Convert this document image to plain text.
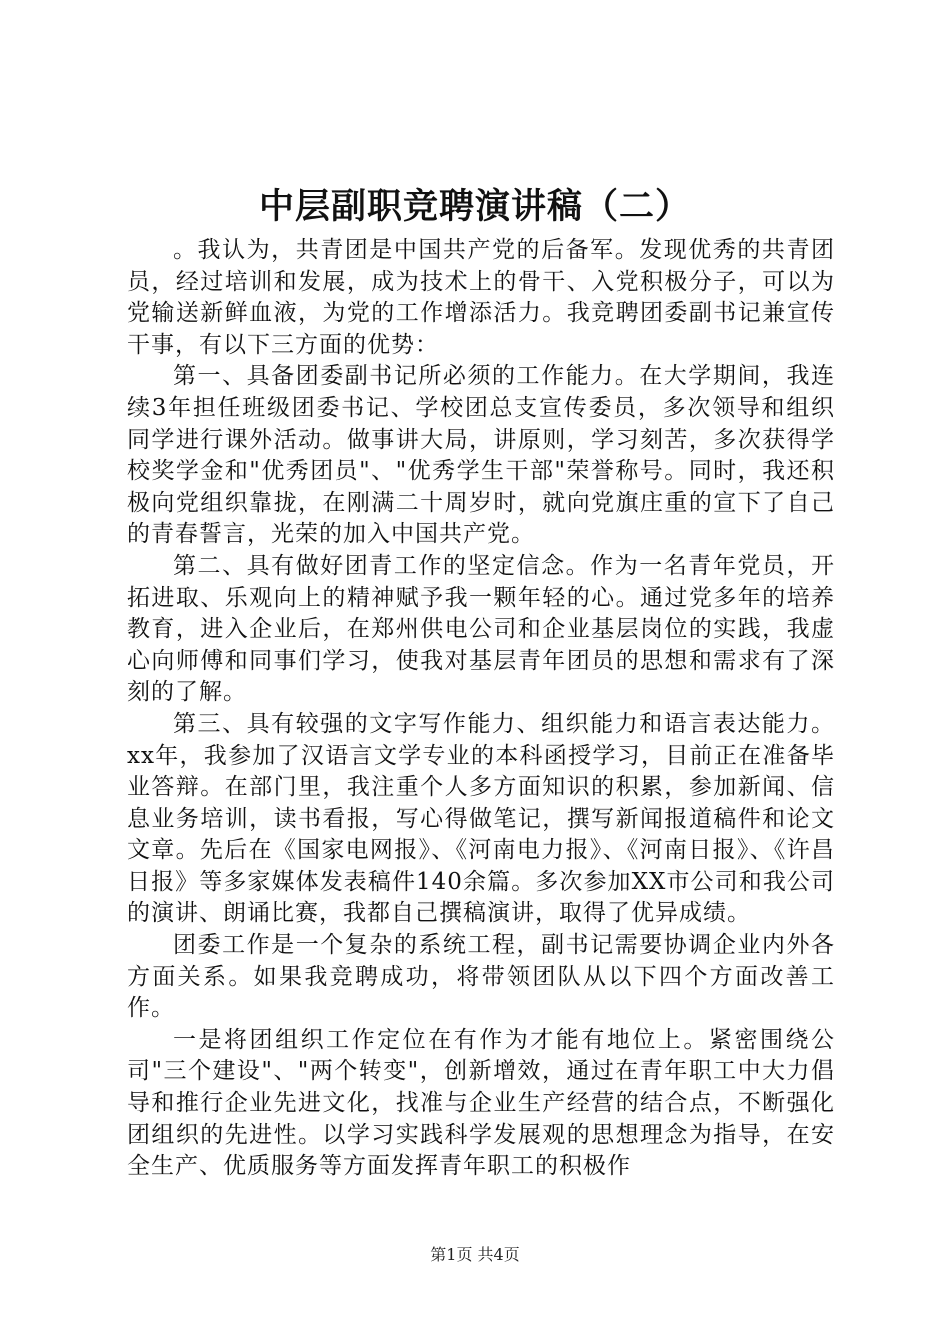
中层副职竞聘演讲稿（二）

。我认为，共青团是中国共产党的后备军。发现优秀的共青团员，经过培训和发展，成为技术上的骨干、入党积极分子，可以为党输送新鲜血液，为党的工作增添活力。我竞聘团委副书记兼宣传干事，有以下三方面的优势：

第一、具备团委副书记所必须的工作能力。在大学期间，我连续3年担任班级团委书记、学校团总支宣传委员，多次领导和组织同学进行课外活动。做事讲大局，讲原则，学习刻苦，多次获得学校奖学金和"优秀团员"、"优秀学生干部"荣誉称号。同时，我还积极向党组织靠拢，在刚满二十周岁时，就向党旗庄重的宣下了自己的青春誓言，光荣的加入中国共产党。

第二、具有做好团青工作的坚定信念。作为一名青年党员，开拓进取、乐观向上的精神赋予我一颗年轻的心。通过党多年的培养教育，进入企业后，在郑州供电公司和企业基层岗位的实践，我虚心向师傅和同事们学习，使我对基层青年团员的思想和需求有了深刻的了解。

第三、具有较强的文字写作能力、组织能力和语言表达能力。xx年，我参加了汉语言文学专业的本科函授学习，目前正在准备毕业答辩。在部门里，我注重个人多方面知识的积累，参加新闻、信息业务培训，读书看报，写心得做笔记，撰写新闻报道稿件和论文文章。先后在《国家电网报》、《河南电力报》、《河南日报》、《许昌日报》等多家媒体发表稿件140余篇。多次参加XX市公司和我公司的演讲、朗诵比赛，我都自己撰稿演讲，取得了优异成绩。

团委工作是一个复杂的系统工程，副书记需要协调企业内外各方面关系。如果我竞聘成功，将带领团队从以下四个方面改善工作。

一是将团组织工作定位在有作为才能有地位上。紧密围绕公司"三个建设"、"两个转变"，创新增效，通过在青年职工中大力倡导和推行企业先进文化，找准与企业生产经营的结合点，不断强化团组织的先进性。以学习实践科学发展观的思想理念为指导，在安全生产、优质服务等方面发挥青年职工的积极作

第1页 共4页
